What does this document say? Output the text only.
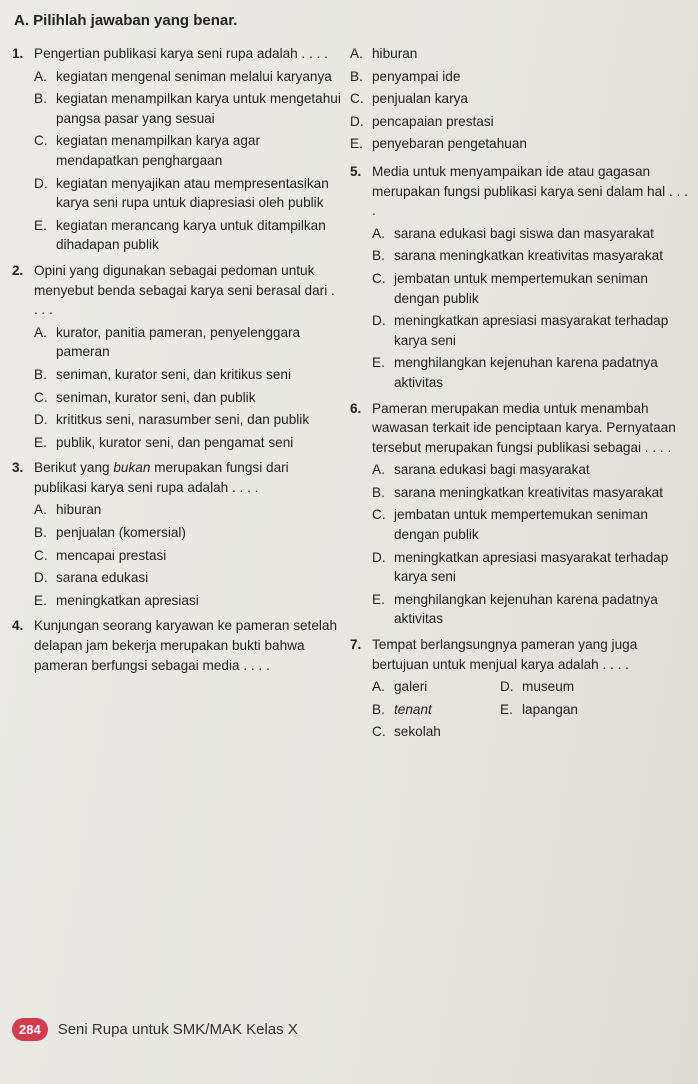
A. Pilihlah jawaban yang benar.
1. Pengertian publikasi karya seni rupa adalah . . . .
A. kegiatan mengenal seniman melalui karyanya
B. kegiatan menampilkan karya untuk mengetahui pangsa pasar yang sesuai
C. kegiatan menampilkan karya agar mendapatkan penghargaan
D. kegiatan menyajikan atau mempresentasikan karya seni rupa untuk diapresiasi oleh publik
E. kegiatan merancang karya untuk ditampilkan dihadapan publik
2. Opini yang digunakan sebagai pedoman untuk menyebut benda sebagai karya seni berasal dari . . . .
A. kurator, panitia pameran, penyelenggara pameran
B. seniman, kurator seni, dan kritikus seni
C. seniman, kurator seni, dan publik
D. krititkus seni, narasumber seni, dan publik
E. publik, kurator seni, dan pengamat seni
3. Berikut yang bukan merupakan fungsi dari publikasi karya seni rupa adalah . . . .
A. hiburan
B. penjualan (komersial)
C. mencapai prestasi
D. sarana edukasi
E. meningkatkan apresiasi
4. Kunjungan seorang karyawan ke pameran setelah delapan jam bekerja merupakan bukti bahwa pameran berfungsi sebagai media . . . .
A. hiburan
B. penyampai ide
C. penjualan karya
D. pencapaian prestasi
E. penyebaran pengetahuan
5. Media untuk menyampaikan ide atau gagasan merupakan fungsi publikasi karya seni dalam hal . . . .
A. sarana edukasi bagi siswa dan masyarakat
B. sarana meningkatkan kreativitas masyarakat
C. jembatan untuk mempertemukan seniman dengan publik
D. meningkatkan apresiasi masyarakat terhadap karya seni
E. menghilangkan kejenuhan karena padatnya aktivitas
6. Pameran merupakan media untuk menambah wawasan terkait ide penciptaan karya. Pernyataan tersebut merupakan fungsi publikasi sebagai . . . .
A. sarana edukasi bagi masyarakat
B. sarana meningkatkan kreativitas masyarakat
C. jembatan untuk mempertemukan seniman dengan publik
D. meningkatkan apresiasi masyarakat terhadap karya seni
E. menghilangkan kejenuhan karena padatnya aktivitas
7. Tempat berlangsungnya pameran yang juga bertujuan untuk menjual karya adalah . . . .
A. galeri	D. museum
B. tenant	E. lapangan
C. sekolah
284	Seni Rupa untuk SMK/MAK Kelas X
